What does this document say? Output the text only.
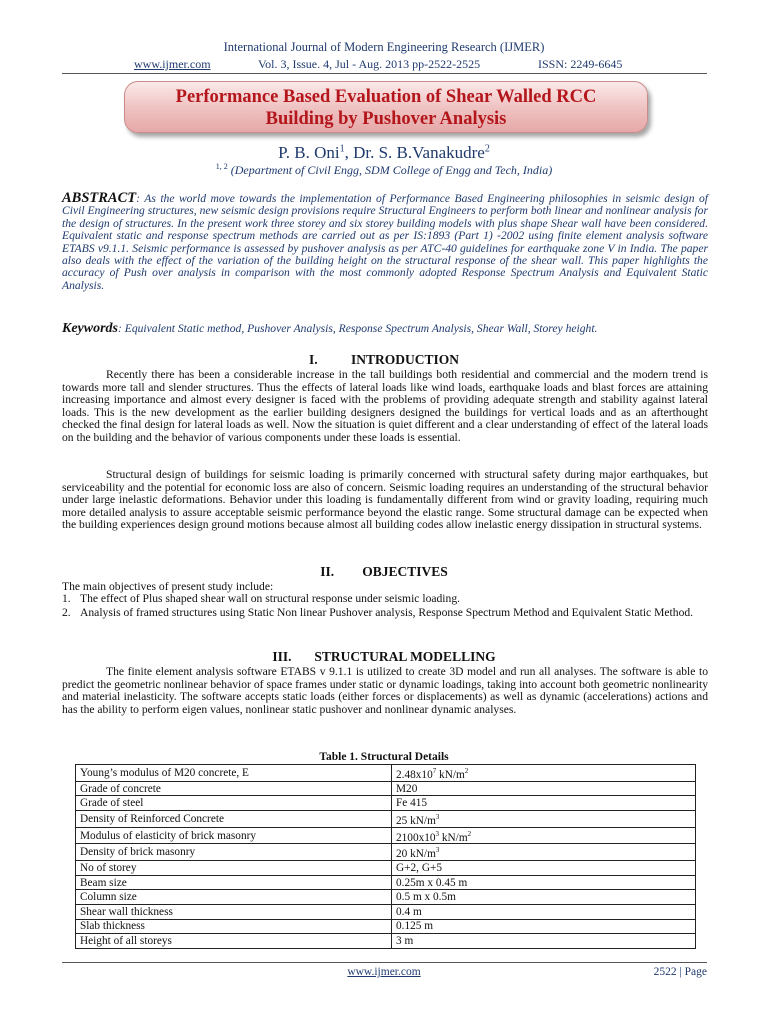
International Journal of Modern Engineering Research (IJMER)
www.ijmer.com	Vol. 3, Issue. 4, Jul - Aug. 2013 pp-2522-2525	ISSN: 2249-6645
Performance Based Evaluation of Shear Walled RCC
Building by Pushover Analysis
P. B. Oni$^1$, Dr. S. B.Vanakudre$^2$
$^{1, 2}$ (Department of Civil Engg, SDM College of Engg and Tech, India)
ABSTRACT: As the world move towards the implementation of Performance Based Engineering philosophies in seismic design of Civil Engineering structures, new seismic design provisions require Structural Engineers to perform both linear and nonlinear analysis for the design of structures. In the present work three storey and six storey building models with plus shape Shear wall have been considered. Equivalent static and response spectrum methods are carried out as per IS:1893 (Part 1) -2002 using finite element analysis software ETABS v9.1.1. Seismic performance is assessed by pushover analysis as per ATC-40 guidelines for earthquake zone V in India. The paper also deals with the effect of the variation of the building height on the structural response of the shear wall. This paper highlights the accuracy of Push over analysis in comparison with the most commonly adopted Response Spectrum Analysis and Equivalent Static Analysis.
Keywords: Equivalent Static method, Pushover Analysis, Response Spectrum Analysis, Shear Wall, Storey height.
I. INTRODUCTION
Recently there has been a considerable increase in the tall buildings both residential and commercial and the modern trend is towards more tall and slender structures. Thus the effects of lateral loads like wind loads, earthquake loads and blast forces are attaining increasing importance and almost every designer is faced with the problems of providing adequate strength and stability against lateral loads. This is the new development as the earlier building designers designed the buildings for vertical loads and as an afterthought checked the final design for lateral loads as well. Now the situation is quiet different and a clear understanding of effect of the lateral loads on the building and the behavior of various components under these loads is essential.
Structural design of buildings for seismic loading is primarily concerned with structural safety during major earthquakes, but serviceability and the potential for economic loss are also of concern. Seismic loading requires an understanding of the structural behavior under large inelastic deformations. Behavior under this loading is fundamentally different from wind or gravity loading, requiring much more detailed analysis to assure acceptable seismic performance beyond the elastic range. Some structural damage can be expected when the building experiences design ground motions because almost all building codes allow inelastic energy dissipation in structural systems.
II. OBJECTIVES
The main objectives of present study include:
1. The effect of Plus shaped shear wall on structural response under seismic loading.
2. Analysis of framed structures using Static Non linear Pushover analysis, Response Spectrum Method and Equivalent Static Method.
III. STRUCTURAL MODELLING
The finite element analysis software ETABS v 9.1.1 is utilized to create 3D model and run all analyses. The software is able to predict the geometric nonlinear behavior of space frames under static or dynamic loadings, taking into account both geometric nonlinearity and material inelasticity. The software accepts static loads (either forces or displacements) as well as dynamic (accelerations) actions and has the ability to perform eigen values, nonlinear static pushover and nonlinear dynamic analyses.
Table 1. Structural Details
Young’s modulus of M20 concrete, E	$2.48x10^7$ $kN/m^2$
Grade of concrete	M20
Grade of steel	Fe 415
Density of Reinforced Concrete	25 $kN/m^3$
Modulus of elasticity of brick masonry	$2100x10^3$ $kN/m^2$
Density of brick masonry	20 $kN/m^3$
No of storey	G+2, G+5
Beam size	0.25m x 0.45 m
Column size	0.5 m x 0.5m
Shear wall thickness	0.4 m
Slab thickness	0.125 m
Height of all storeys	3 m
www.ijmer.com	2522 | Page
